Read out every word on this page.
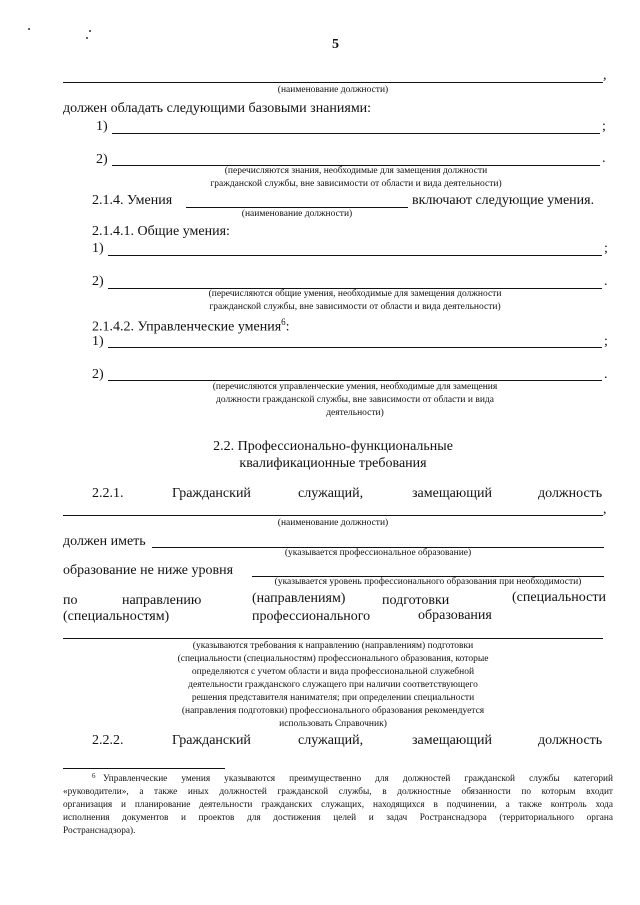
5
,
(наименование должности)
должен обладать следующими базовыми знаниями:
1)	;
2)	.
(перечисляются знания, необходимые для замещения должности
гражданской службы, вне зависимости от области и вида деятельности)
2.1.4. Умения	включают следующие умения.
(наименование должности)
2.1.4.1. Общие умения:
1)	;
2)	.
(перечисляются общие умения, необходимые для замещения должности
гражданской службы, вне зависимости от области и вида деятельности)
2.1.4.2. Управленческие умения$^6$:
1)	;
2)	.
(перечисляются управленческие умения, необходимые для замещения
должности гражданской службы, вне зависимости от области и вида
деятельности)
2.2. Профессионально-функциональные
квалификационные требования
2.2.1.	Гражданский	служащий,	замещающий	должность
,
(наименование должности)
должен иметь
(указывается профессиональное образование)
образование не ниже уровня
(указывается уровень профессионального образования при необходимости)
по	направлению	(направлениям)	подготовки	(специальности
(специальностям)	профессионального	образования
(указываются требования к направлению (направлениям) подготовки
(специальности (специальностям) профессионального образования, которые
определяются с учетом области и вида профессиональной служебной
деятельности гражданского служащего при наличии соответствующего
решения представителя нанимателя; при определении специальности
(направления подготовки) профессионального образования рекомендуется
использовать Справочник)
2.2.2.	Гражданский	служащий,	замещающий	должность
6 Управленческие умения указываются преимущественно для должностей гражданской службы категорий
«руководители», а также иных должностей гражданской службы, в должностные обязанности по которым входит
организация и планирование деятельности гражданских служащих, находящихся в подчинении, а также контроль хода
исполнения документов и проектов для достижения целей и задач Ространснадзора (территориального органа
Ространснадзора).
